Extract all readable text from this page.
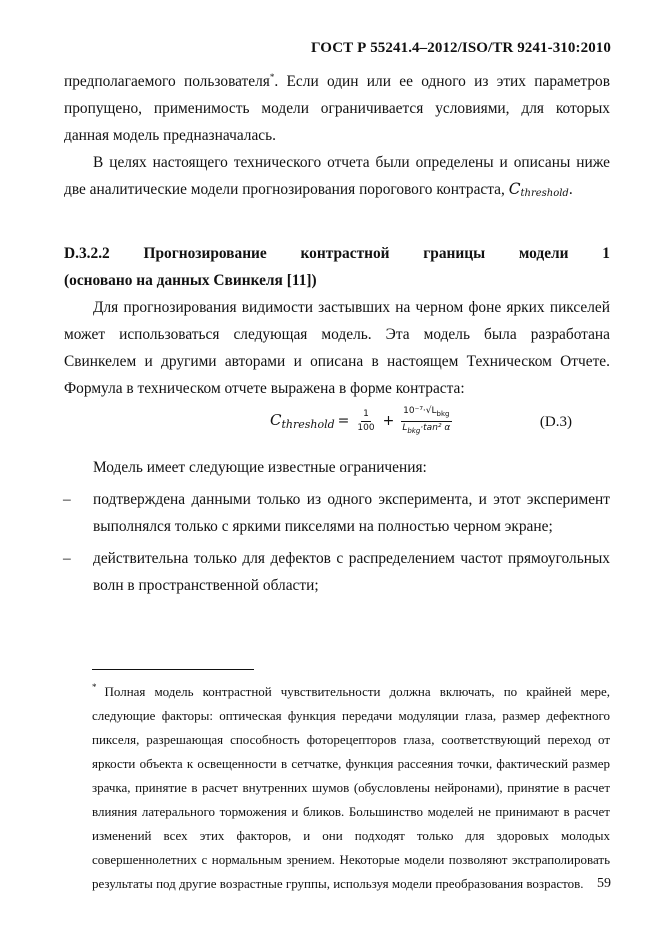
ГОСТ Р 55241.4–2012/ISO/TR 9241-310:2010

предполагаемого пользователя*. Если один или ее одного из этих параметров пропущено, применимость модели ограничивается условиями, для которых данная модель предназначалась.

В целях настоящего технического отчета были определены и описаны ниже две аналитические модели прогнозирования порогового контраста, $C_{threshold}$.

D.3.2.2 Прогнозирование контрастной границы модели 1
(основано на данных Свинкеля [11])

Для прогнозирования видимости застывших на черном фоне ярких пикселей может использоваться следующая модель. Эта модель была разработана Свинкелем и другими авторами и описана в настоящем Техническом Отчете. Формула в техническом отчете выражена в форме контраста:

$C_{threshold} = \frac{1}{100} + \frac{10^{-7}\cdot√L_{bkg}}{L_{bkg}\cdot\tan^2 \alpha}$	(D.3)

Модель имеет следующие известные ограничения:

– подтверждена данными только из одного эксперимента, и этот эксперимент выполнялся только с яркими пикселями на полностью черном экране;
– действительна только для дефектов с распределением частот прямоугольных волн в пространственной области;
* Полная модель контрастной чувствительности должна включать, по крайней мере, следующие факторы: оптическая функция передачи модуляции глаза, размер дефектного пикселя, разрешающая способность фоторецепторов глаза, соответствующий переход от яркости объекта к освещенности в сетчатке, функция рассеяния точки, фактический размер зрачка, принятие в расчет внутренних шумов (обусловлены нейронами), принятие в расчет влияния латерального торможения и бликов. Большинство моделей не принимают в расчет изменений всех этих факторов, и они подходят только для здоровых молодых совершеннолетних с нормальным зрением. Некоторые модели позволяют экстраполировать результаты под другие возрастные группы, используя модели преобразования возрастов. 59
